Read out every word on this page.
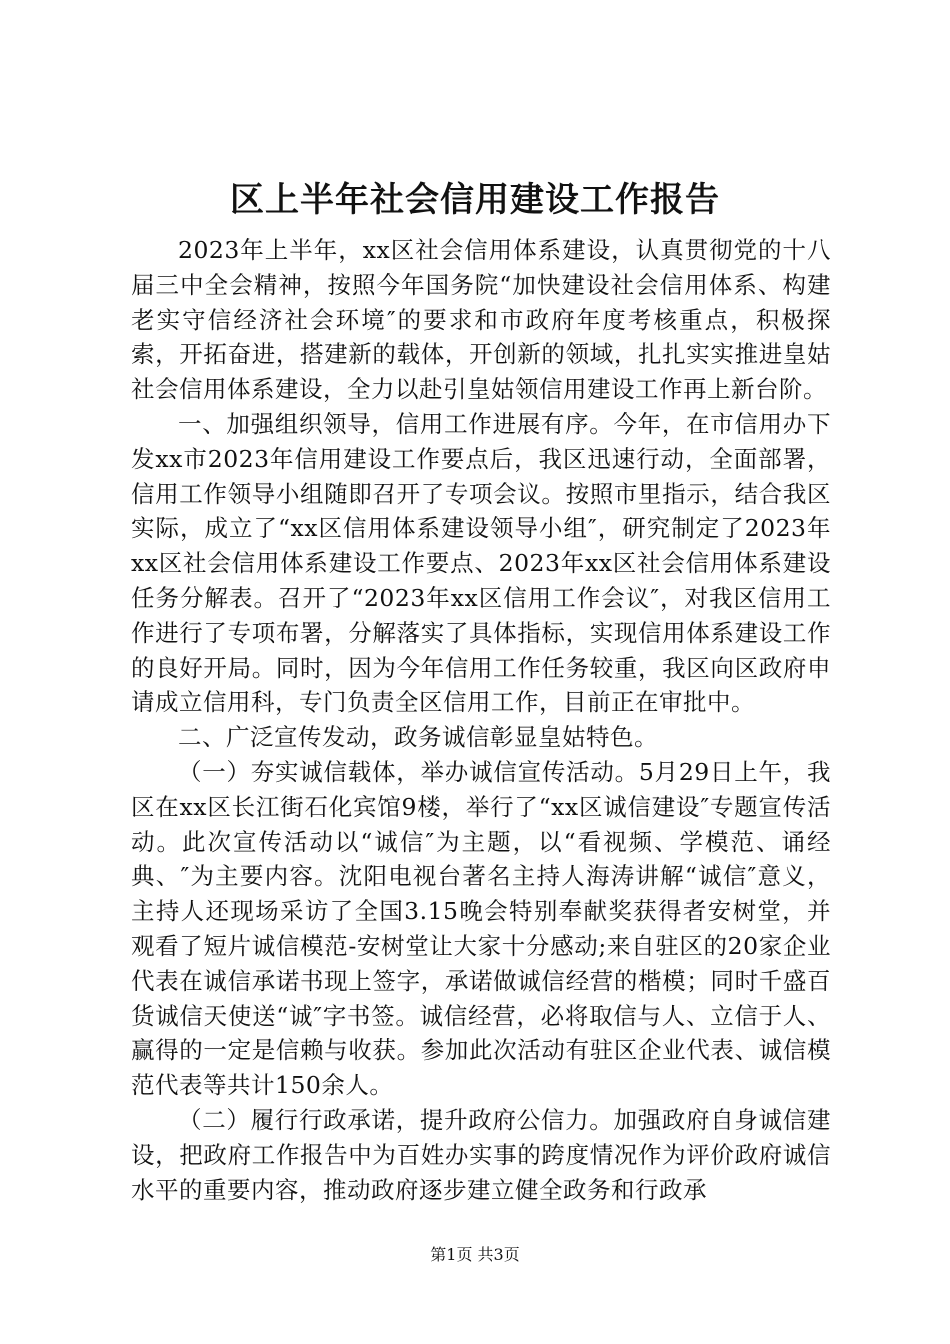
区上半年社会信用建设工作报告

2023年上半年，xx区社会信用体系建设，认真贯彻党的十八届三中全会精神，按照今年国务院“加快建设社会信用体系、构建老实守信经济社会环境″的要求和市政府年度考核重点，积极探索，开拓奋进，搭建新的载体，开创新的领域，扎扎实实推进皇姑社会信用体系建设，全力以赴引皇姑领信用建设工作再上新台阶。

一、加强组织领导，信用工作进展有序。今年，在市信用办下发xx市2023年信用建设工作要点后，我区迅速行动，全面部署，信用工作领导小组随即召开了专项会议。按照市里指示，结合我区实际，成立了“xx区信用体系建设领导小组″，研究制定了2023年xx区社会信用体系建设工作要点、2023年xx区社会信用体系建设任务分解表。召开了“2023年xx区信用工作会议″，对我区信用工作进行了专项布署，分解落实了具体指标，实现信用体系建设工作的良好开局。同时，因为今年信用工作任务较重，我区向区政府申请成立信用科，专门负责全区信用工作，目前正在审批中。

二、广泛宣传发动，政务诚信彰显皇姑特色。

（一）夯实诚信载体，举办诚信宣传活动。5月29日上午，我区在xx区长江街石化宾馆9楼，举行了“xx区诚信建设″专题宣传活动。此次宣传活动以“诚信″为主题，以“看视频、学模范、诵经典、″为主要内容。沈阳电视台著名主持人海涛讲解“诚信″意义，主持人还现场采访了全国3.15晚会特别奉献奖获得者安树堂，并观看了短片诚信模范-安树堂让大家十分感动;来自驻区的20家企业代表在诚信承诺书现上签字，承诺做诚信经营的楷模；同时千盛百货诚信天使送“诚″字书签。诚信经营，必将取信与人、立信于人、赢得的一定是信赖与收获。参加此次活动有驻区企业代表、诚信模范代表等共计150余人。

（二）履行行政承诺，提升政府公信力。加强政府自身诚信建设，把政府工作报告中为百姓办实事的跨度情况作为评价政府诚信水平的重要内容，推动政府逐步建立健全政务和行政承

第1页 共3页
